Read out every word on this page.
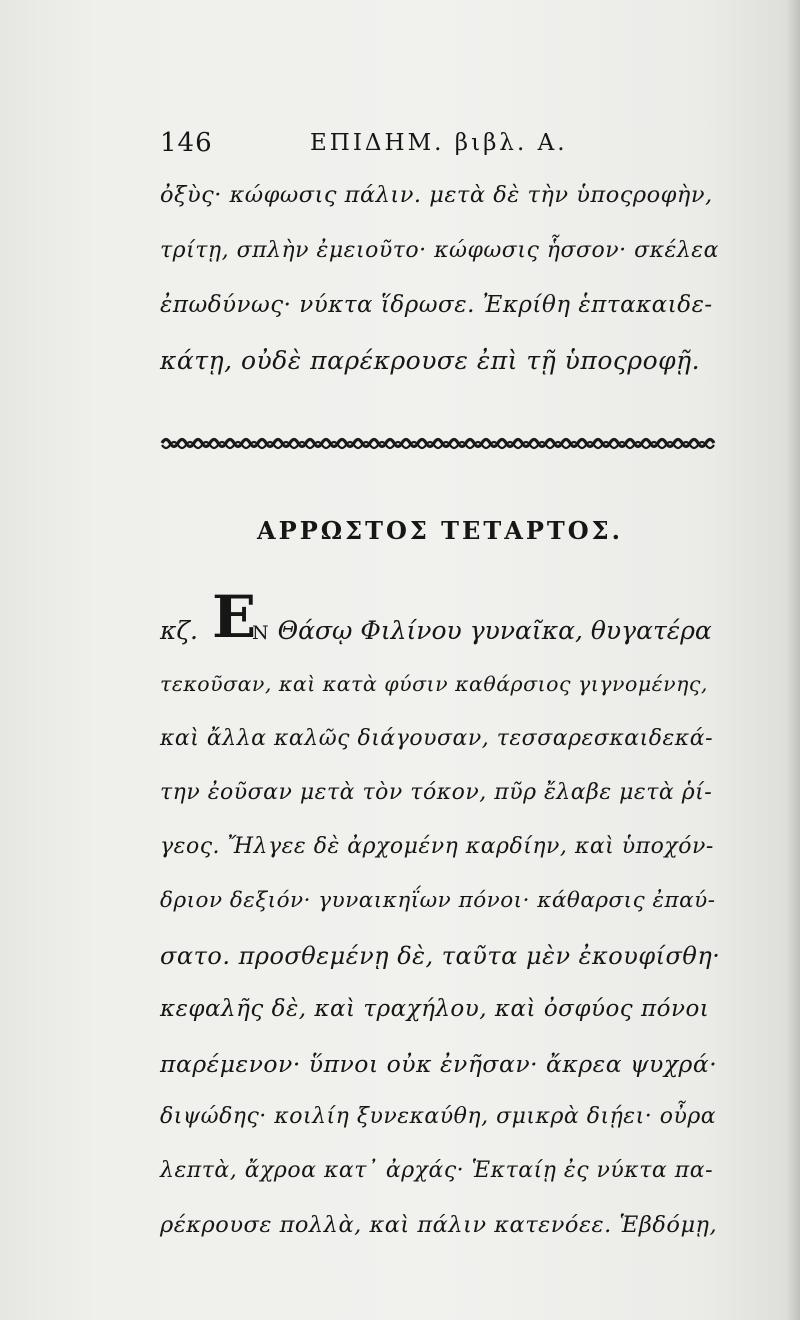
146	ΕΠΙΔΗΜ. βιβλ. Α.
ὀξὺς· κώφωσις πάλιν. μετὰ δὲ τὴν ὑποςροφὴν,
τρίτῃ, σπλὴν ἐμειοῦτο· κώφωσις ἧσσον· σκέλεα
ἐπωδύνως· νύκτα ἵδρωσε. Ἐκρίθη ἑπτακαιδε-
κάτῃ, οὐδὲ παρέκρουσε ἐπὶ τῇ ὑποςροφῇ.
ΑΡΡΩΣΤΟΣ ΤΕΤΑΡΤΟΣ.
κζ. Ε
Ν Θάσῳ Φιλίνου γυναῖκα, θυγατέρα
τεκοῦσαν, καὶ κατὰ φύσιν καθάρσιος γιγνομένης,
καὶ ἄλλα καλῶς διάγουσαν, τεσσαρεσκαιδεκά-
την ἐοῦσαν μετὰ τὸν τόκον, πῦρ ἔλαβε μετὰ ῥί-
γεος. Ἤλγεε δὲ ἀρχομένη καρδίην, καὶ ὑποχόν-
δριον δεξιόν· γυναικηΐων πόνοι· κάθαρσις ἐπαύ-
σατο. προσθεμένῃ δὲ, ταῦτα μὲν ἐκουφίσθη·
κεφαλῆς δὲ, καὶ τραχήλου, καὶ ὀσφύος πόνοι
παρέμενον· ὕπνοι οὐκ ἐνῆσαν· ἄκρεα ψυχρά·
διψώδης· κοιλίη ξυνεκαύθη, σμικρὰ διῄει· οὖρα
λεπτὰ, ἄχροα κατ᾽ ἀρχάς· Ἑκταίῃ ἐς νύκτα πα-
ρέκρουσε πολλὰ, καὶ πάλιν κατενόεε. Ἑβδόμῃ,
